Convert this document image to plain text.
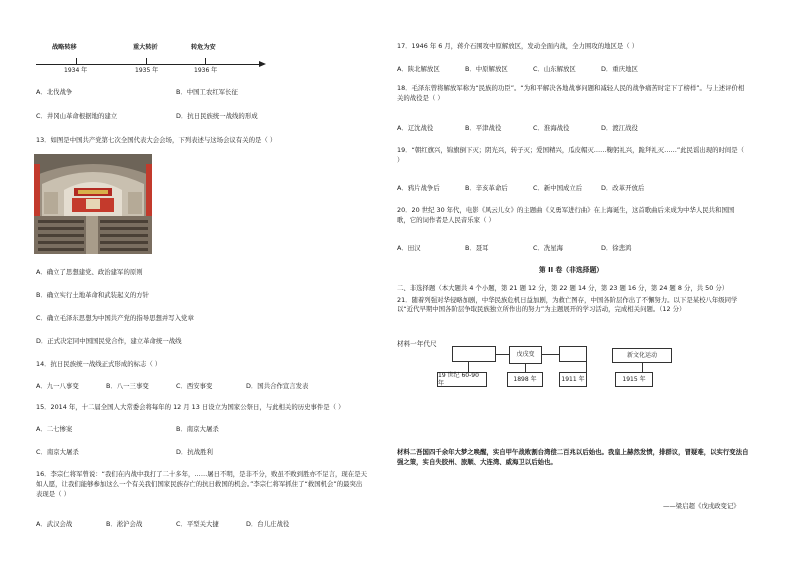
战略转移	重大转折	转危为安
1934 年	1935 年	1936 年
A．北伐战争	B．中国工农红军长征
C．井冈山革命根据地的建立	D．抗日民族统一战线的形成
13．如图是中国共产党第七次全国代表大会会场，下列表述与这场会议有关的是（ ）
A．确立了思想建党、政治建军的原则
B．确立实行土地革命和武装起义的方针
C．确立毛泽东思想为中国共产党的指导思想并写入党章
D．正式决定同中国国民党合作，建立革命统一战线
14．抗日民族统一战线正式形成的标志（ ）
A．九一八事变	B．八一三事变	C．西安事变	D．国共合作宣言发表
15．2014 年，十二届全国人大常委会将每年的 12 月 13 日设立为国家公祭日，与此相关的历史事件是（ ）
A．二七惨案	B．南京大屠杀
C．南京大屠杀	D．抗战胜利
16．李宗仁将军曾说：“我们在内战中我打了二十多年，……屠日不明，是非不分，败虽不败到胜亦不足言，现在是天如人愿，让我们能够参加这么一个有关我们国家民族存亡的抗日救国的机会。”李宗仁将军抓住了“救国机会”的最突出表现是（ ）
A．武汉会战	B．淞沪会战	C．平型关大捷	D．台儿庄战役
17．1946 年 6 月，蒋介石围攻中原解放区，发动全面内战，全力围攻的地区是（ ）
A．陕北解放区	B．中原解放区	C．山东解放区	D．重庆地区
18．毛泽东曾将解放军称为“民族的功臣”。“为和平解决各地战事问题和减轻人民的战争痛苦时定下了榜样”。与上述评价相关的战役是（ ）
A．辽沈战役	B．平津战役	C．淮海战役	D．渡江战役
19．“朝红旗兴，锦旗倒下灭；阴光兴，转子灭；爱国精兴，瓜皮帽灭……鞠躬礼兴，跪拜礼灭……”此民谣出现的时间是（ ）
A．鸦片战争后	B．辛亥革命后	C．新中国成立后	D．改革开放后
20．20 世纪 30 年代，电影《风云儿女》的主题曲《义勇军进行曲》在上海诞生，这首歌曲后来成为中华人民共和国国歌，它的词作者是人民音乐家（ ）
A．田汉	B．聂耳	C．冼星海	D．徐悲鸿
第 II 卷（非选择题）
二、非选择题（本大题共 4 个小题，第 21 题 12 分，第 22 题 14 分，第 23 题 16 分，第 24 题 8 分，共 50 分）
21．随着列强对华侵略加剧，中华民族危机日益加剧，为救亡图存，中国各阶层作出了不懈努力。以下是某校八年级同学以“近代早期中国各阶层争取民族独立所作出的努力”为主题展开的学习活动，完成相关问题。（12 分）
材料一年代尺
戊戌变	新文化运动
19 世纪 60-90 年
1898 年	1911 年	1915 年
材料二吾国四千余年大梦之唤醒，实自甲午战败割台湾偿二百兆以后始也。我皇上赫然发愤，排群议，冒疑难，以实行变法自强之策，实自失胶州、旅顺、大连湾、威海卫以后始也。
——梁启超《戊戌政变记》
